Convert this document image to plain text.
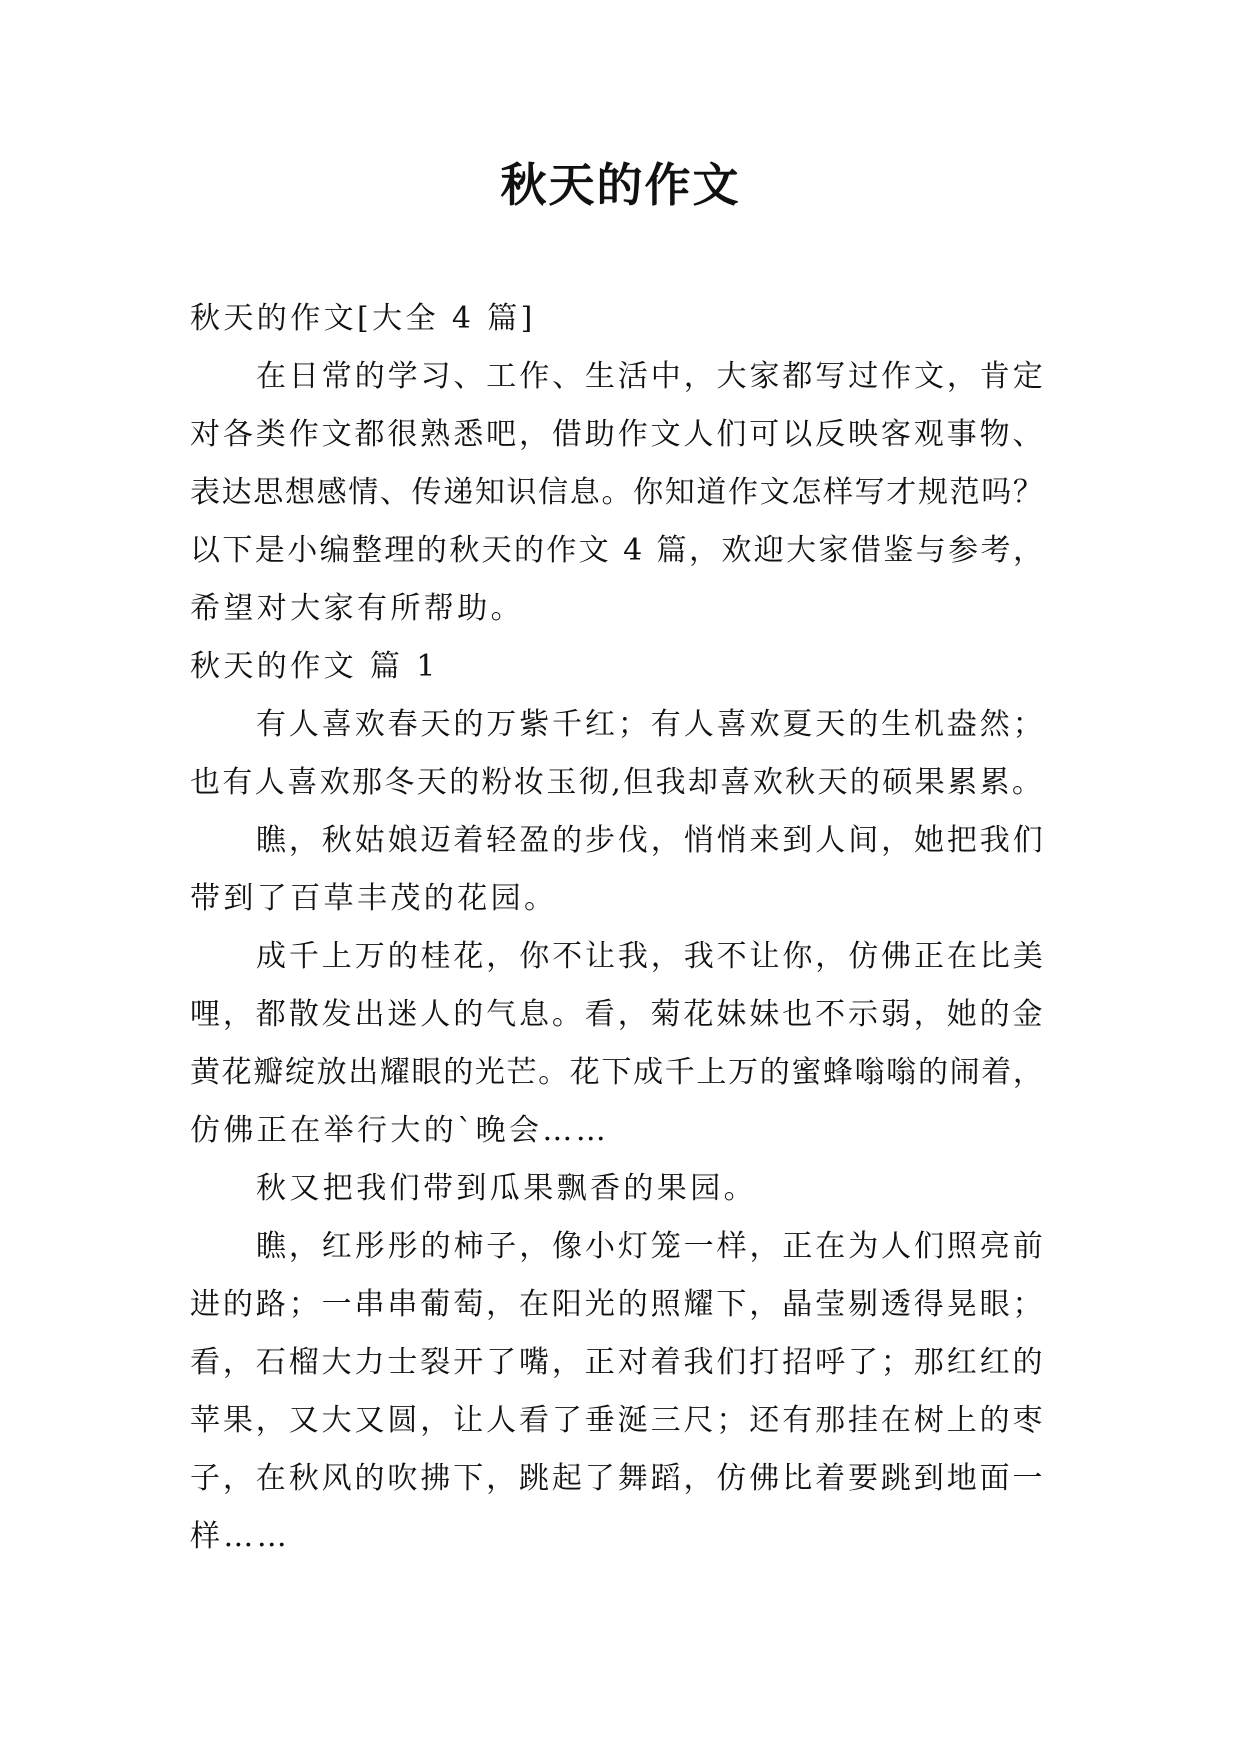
秋天的作文
秋天的作文[大全 4 篇]
在日常的学习、工作、生活中，大家都写过作文，肯定
对各类作文都很熟悉吧，借助作文人们可以反映客观事物、
表达思想感情、传递知识信息。你知道作文怎样写才规范吗？
以下是小编整理的秋天的作文 4 篇，欢迎大家借鉴与参考，
希望对大家有所帮助。
秋天的作文 篇 1
有人喜欢春天的万紫千红；有人喜欢夏天的生机盎然；
也有人喜欢那冬天的粉妆玉彻,但我却喜欢秋天的硕果累累。
瞧，秋姑娘迈着轻盈的步伐，悄悄来到人间，她把我们
带到了百草丰茂的花园。
成千上万的桂花，你不让我，我不让你，仿佛正在比美
哩，都散发出迷人的气息。看，菊花妹妹也不示弱，她的金
黄花瓣绽放出耀眼的光芒。花下成千上万的蜜蜂嗡嗡的闹着，
仿佛正在举行大的`晚会……
秋又把我们带到瓜果飘香的果园。
瞧，红彤彤的柿子，像小灯笼一样，正在为人们照亮前
进的路；一串串葡萄，在阳光的照耀下，晶莹剔透得晃眼；
看，石榴大力士裂开了嘴，正对着我们打招呼了；那红红的
苹果，又大又圆，让人看了垂涎三尺；还有那挂在树上的枣
子，在秋风的吹拂下，跳起了舞蹈，仿佛比着要跳到地面一
样……
